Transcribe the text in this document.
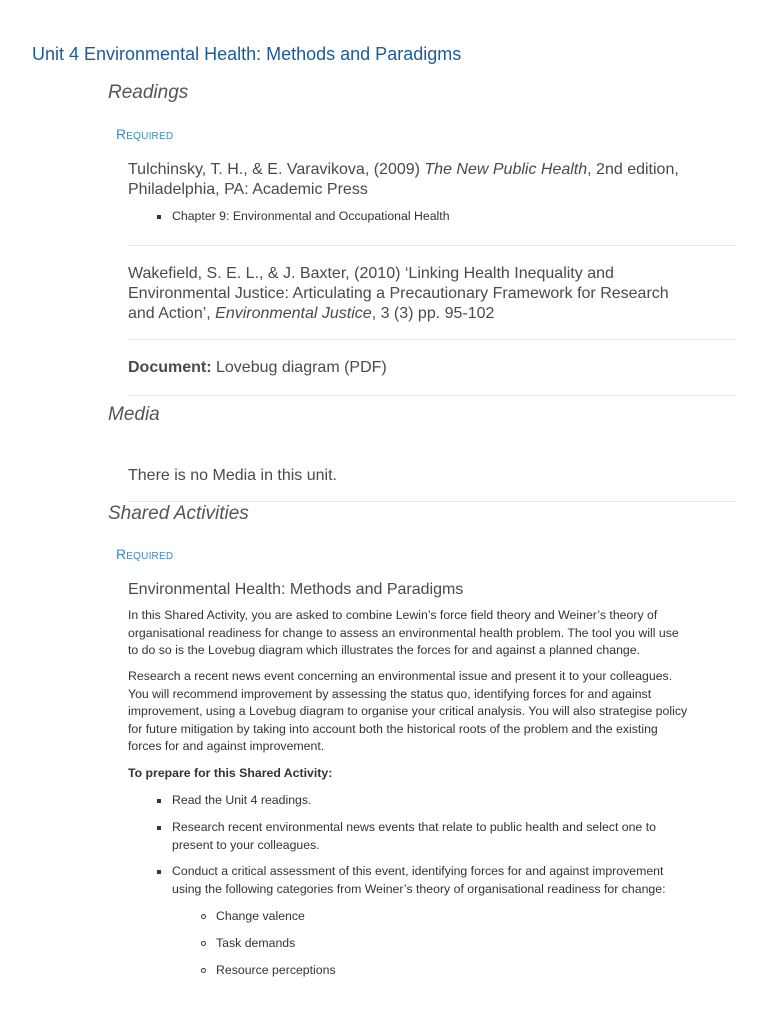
Unit 4 Environmental Health: Methods and Paradigms
Readings
Required
Tulchinsky, T. H., & E. Varavikova, (2009) The New Public Health, 2nd edition,
Philadelphia, PA: Academic Press
Chapter 9: Environmental and Occupational Health
Wakefield, S. E. L., & J. Baxter, (2010) ‘Linking Health Inequality and
Environmental Justice: Articulating a Precautionary Framework for Research
and Action’, Environmental Justice, 3 (3) pp. 95-102
Document: Lovebug diagram (PDF)
Media
There is no Media in this unit.
Shared Activities
Required
Environmental Health: Methods and Paradigms
In this Shared Activity, you are asked to combine Lewin’s force field theory and Weiner’s theory of
organisational readiness for change to assess an environmental health problem. The tool you will use
to do so is the Lovebug diagram which illustrates the forces for and against a planned change.
Research a recent news event concerning an environmental issue and present it to your colleagues.
You will recommend improvement by assessing the status quo, identifying forces for and against
improvement, using a Lovebug diagram to organise your critical analysis. You will also strategise policy
for future mitigation by taking into account both the historical roots of the problem and the existing
forces for and against improvement.
To prepare for this Shared Activity:
Read the Unit 4 readings.
Research recent environmental news events that relate to public health and select one to
present to your colleagues.
Conduct a critical assessment of this event, identifying forces for and against improvement
using the following categories from Weiner’s theory of organisational readiness for change:
Change valence
Task demands
Resource perceptions
